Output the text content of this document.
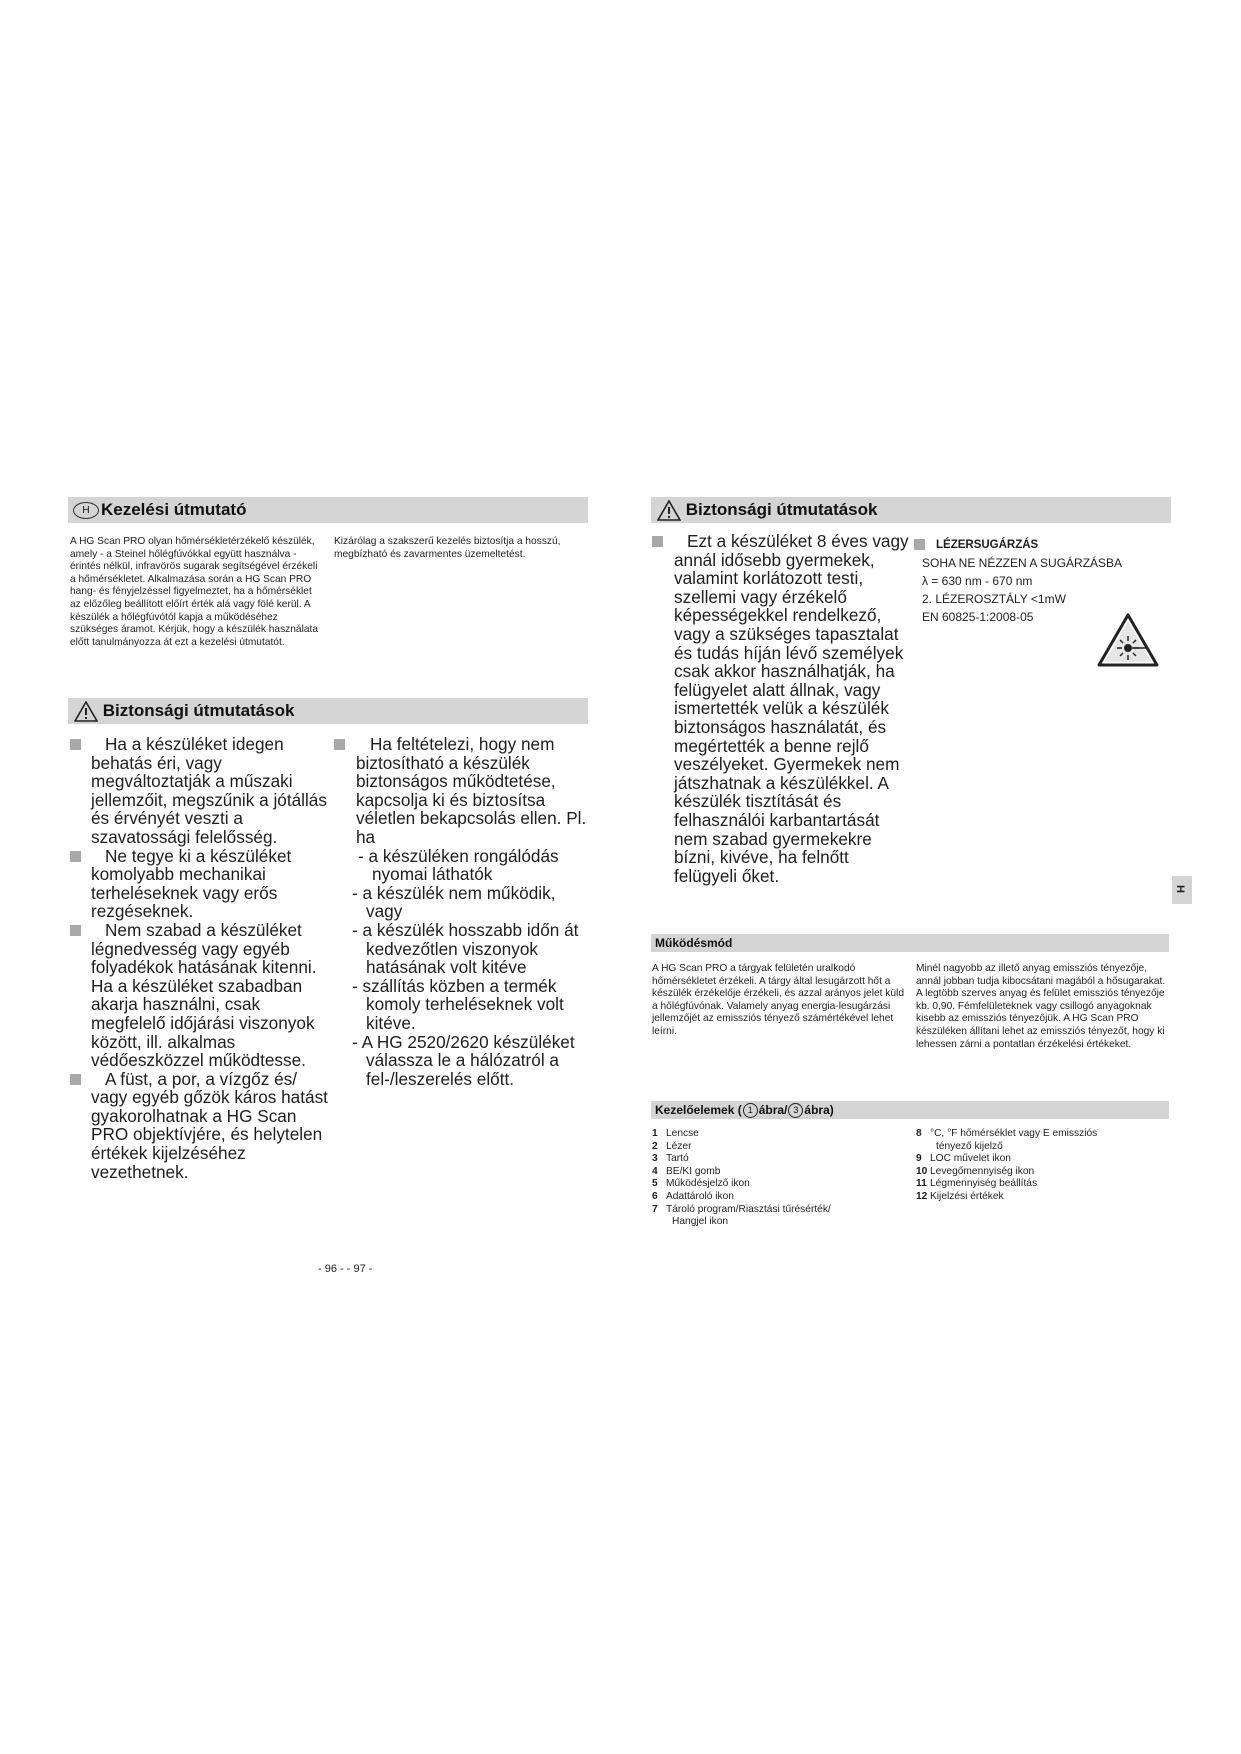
H Kezelési útmutató
A HG Scan PRO olyan hőmérsékletérzékelő készülék, amely - a Steinel hőlégfúvókkal együtt használva - érintés nélkül, infravörös sugarak segítségével érzékeli a hőmérsékletet. Alkalmazása során a HG Scan PRO hang- és fényjelzéssel figyelmeztet, ha a hőmérséklet az előzőleg beállított előírt érték alá vagy fölé kerül. A készülék a hőlégfúvótól kapja a működéséhez szükséges áramot. Kérjük, hogy a készülék használata előtt tanulmányozza át ezt a kezelési útmutatót.
Kizárólag a szakszerű kezelés biztosítja a hosszú, megbízható és zavarmentes üzemeltetést.
Biztonsági útmutatások
Ha a készüléket idegen behatás éri, vagy megváltoztatják a műszaki jellemzőit, megszűnik a jótállás és érvényét veszti a szavatossági felelősség.
Ne tegye ki a készüléket komolyabb mechanikai terheléseknek vagy erős rezgéseknek.
Nem szabad a készüléket légnedvesség vagy egyéb folyadékok hatásának kitenni. Ha a készüléket szabadban akarja használni, csak megfelelő időjárási viszonyok között, ill. alkalmas védőeszközzel működtesse.
A füst, a por, a vízgőz és/ vagy egyéb gőzök káros hatást gyakorolhatnak a HG Scan PRO objektívjére, és helytelen értékek kijelzéséhez vezethetnek.
Ha feltételezi, hogy nem biztosítható a készülék biztonságos működtetése, kapcsolja ki és biztosítsa véletlen bekapcsolás ellen. Pl. ha
- a készüléken rongálódás nyomai láthatók
- a készülék nem működik, vagy
- a készülék hosszabb időn át kedvezőtlen viszonyok hatásának volt kitéve
- szállítás közben a termék komoly terheléseknek volt kitéve.
- A HG 2520/2620 készüléket válassza le a hálózatról a fel-/leszerelés előtt.
- 96 - - 97 -
Biztonsági útmutatások
Ezt a készüléket 8 éves vagy annál idősebb gyermekek, valamint korlátozott testi, szellemi vagy érzékelő képességekkel rendelkező, vagy a szükséges tapasztalat és tudás híján lévő személyek csak akkor használhatják, ha felügyelet alatt állnak, vagy ismertették velük a készülék biztonságos használatát, és megértették a benne rejlő veszélyeket. Gyermekek nem játszhatnak a készülékkel. A készülék tisztítását és felhasználói karbantartását nem szabad gyermekekre bízni, kivéve, ha felnőtt felügyeli őket.
LÉZERSUGÁRZÁS
SOHA NE NÉZZEN A SUGÁRZÁSBA
λ = 630 nm - 670 nm
2. LÉZEROSZTÁLY <1mW
EN 60825-1:2008-05
H
Működésmód
A HG Scan PRO a tárgyak felületén uralkodó hőmérsékletet érzékeli. A tárgy által lesugárzott hőt a készülék érzékelője érzékeli, és azzal arányos jelet küld a hőlégfúvónak. Valamely anyag energia-lesugárzási jellemzőjét az emissziós tényező számértékével lehet leírni.
Minél nagyobb az illető anyag emissziós tényezője, annál jobban tudja kibocsátani magából a hősugarakat. A legtöbb szerves anyag és felület emissziós tényezője kb. 0,90. Fémfelületeknek vagy csillogó anyagoknak kisebb az emissziós tényezőjük. A HG Scan PRO készüléken állítani lehet az emissziós tényezőt, hogy ki lehessen zárni a pontatlan érzékelési értékeket.
Kezelőelemek ( 1 ábra/ 3 ábra)
1 Lencse
2 Lézer
3 Tartó
4 BE/KI gomb
5 Működésjelző ikon
6 Adattároló ikon
7 Tároló program/Riasztási tűrésérték/
Hangjel ikon
8 °C, °F hőmérséklet vagy E emissziós
tényező kijelző
9 LOC művelet ikon
10 Levegőmennyiség ikon
11 Légmennyiség beállítás
12 Kijelzési értékek
